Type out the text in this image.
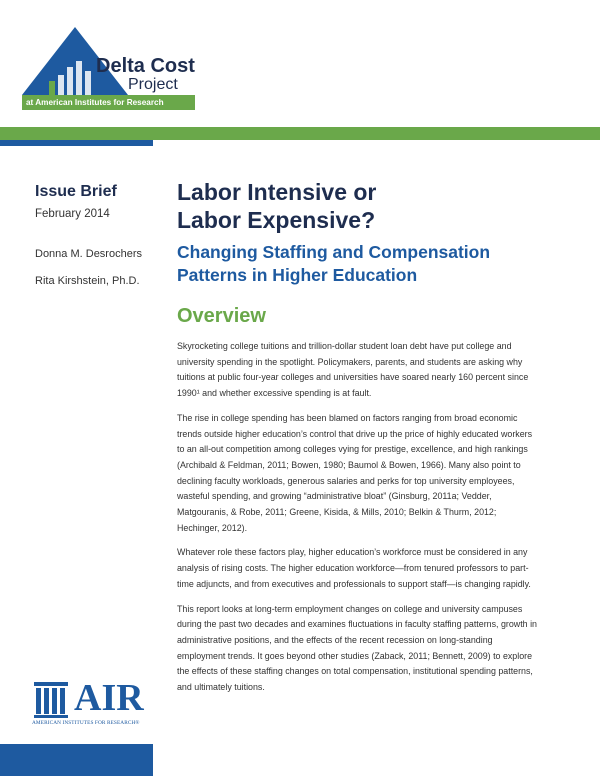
Delta Cost
Project
at American Institutes for Research
Issue Brief
February 2014
Donna M. Desrochers
Rita Kirshstein, Ph.D.
Labor Intensive or
Labor Expensive?
Changing Staffing and Compensation
Patterns in Higher Education
Overview

Skyrocketing college tuitions and trillion-dollar student loan debt have put college and university spending in the spotlight. Policymakers, parents, and students are asking why tuitions at public four-year colleges and universities have soared nearly 160 percent since 1990¹ and whether excessive spending is at fault.

The rise in college spending has been blamed on factors ranging from broad economic trends outside higher education’s control that drive up the price of highly educated workers to an all-out competition among colleges vying for prestige, excellence, and high rankings (Archibald & Feldman, 2011; Bowen, 1980; Baumol & Bowen, 1966). Many also point to declining faculty workloads, generous salaries and perks for top university employees, wasteful spending, and growing “administrative bloat” (Ginsburg, 2011a; Vedder, Matgouranis, & Robe, 2011; Greene, Kisida, & Mills, 2010; Belkin & Thurm, 2012; Hechinger, 2012).

Whatever role these factors play, higher education’s workforce must be considered in any analysis of rising costs. The higher education workforce—from tenured professors to part-time adjuncts, and from executives and professionals to support staff—is changing rapidly.

This report looks at long-term employment changes on college and university campuses during the past two decades and examines fluctuations in faculty staffing patterns, growth in administrative positions, and the effects of the recent recession on long-standing employment trends. It goes beyond other studies (Zaback, 2011; Bennett, 2009) to explore the effects of these staffing changes on total compensation, institutional spending patterns, and ultimately tuitions.

AIR
AMERICAN INSTITUTES FOR RESEARCH®
